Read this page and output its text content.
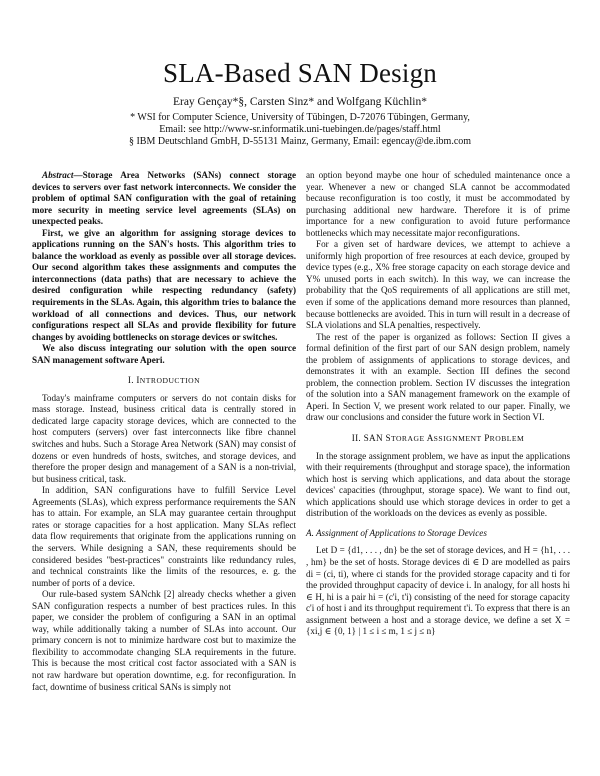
SLA-Based SAN Design
Eray Gençay*§, Carsten Sinz* and Wolfgang Küchlin*
* WSI for Computer Science, University of Tübingen, D-72076 Tübingen, Germany,
Email: see http://www-sr.informatik.uni-tuebingen.de/pages/staff.html
§ IBM Deutschland GmbH, D-55131 Mainz, Germany, Email: egencay@de.ibm.com

Abstract—Storage Area Networks (SANs) connect storage devices to servers over fast network interconnects. We consider the problem of optimal SAN configuration with the goal of retaining more security in meeting service level agreements (SLAs) on unexpected peaks.

First, we give an algorithm for assigning storage devices to applications running on the SAN's hosts. This algorithm tries to balance the workload as evenly as possible over all storage devices. Our second algorithm takes these assignments and computes the interconnections (data paths) that are necessary to achieve the desired configuration while respecting redundancy (safety) requirements in the SLAs. Again, this algorithm tries to balance the workload of all connections and devices. Thus, our network configurations respect all SLAs and provide flexibility for future changes by avoiding bottlenecks on storage devices or switches.

We also discuss integrating our solution with the open source SAN management software Aperi.

I. INTRODUCTION

Today's mainframe computers or servers do not contain disks for mass storage. Instead, business critical data is centrally stored in dedicated large capacity storage devices, which are connected to the host computers (servers) over fast interconnects like fibre channel switches and hubs. Such a Storage Area Network (SAN) may consist of dozens or even hundreds of hosts, switches, and storage devices, and therefore the proper design and management of a SAN is a non-trivial, but business critical, task.

In addition, SAN configurations have to fulfill Service Level Agreements (SLAs), which express performance requirements the SAN has to attain. For example, an SLA may guarantee certain throughput rates or storage capacities for a host application. Many SLAs reflect data flow requirements that originate from the applications running on the servers. While designing a SAN, these requirements should be considered besides "best-practices" constraints like redundancy rules, and technical constraints like the limits of the resources, e. g. the number of ports of a device.

Our rule-based system SANchk [2] already checks whether a given SAN configuration respects a number of best practices rules. In this paper, we consider the problem of configuring a SAN in an optimal way, while additionally taking a number of SLAs into account. Our primary concern is not to minimize hardware cost but to maximize the flexibility to accommodate changing SLA requirements in the future. This is because the most critical cost factor associated with a SAN is not raw hardware but operation downtime, e.g. for reconfiguration. In fact, downtime of business critical SANs is simply not

an option beyond maybe one hour of scheduled maintenance once a year. Whenever a new or changed SLA cannot be accommodated because reconfiguration is too costly, it must be accommodated by purchasing additional new hardware. Therefore it is of prime importance for a new configuration to avoid future performance bottlenecks which may necessitate major reconfigurations.

For a given set of hardware devices, we attempt to achieve a uniformly high proportion of free resources at each device, grouped by device types (e.g., X% free storage capacity on each storage device and Y% unused ports in each switch). In this way, we can increase the probability that the QoS requirements of all applications are still met, even if some of the applications demand more resources than planned, because bottlenecks are avoided. This in turn will result in a decrease of SLA violations and SLA penalties, respectively.

The rest of the paper is organized as follows: Section II gives a formal definition of the first part of our SAN design problem, namely the problem of assignments of applications to storage devices, and demonstrates it with an example. Section III defines the second problem, the connection problem. Section IV discusses the integration of the solution into a SAN management framework on the example of Aperi. In Section V, we present work related to our paper. Finally, we draw our conclusions and consider the future work in Section VI.

II. SAN STORAGE ASSIGNMENT PROBLEM

In the storage assignment problem, we have as input the applications with their requirements (throughput and storage space), the information which host is serving which applications, and data about the storage devices' capacities (throughput, storage space). We want to find out, which applications should use which storage devices in order to get a distribution of the workloads on the devices as evenly as possible.

A. Assignment of Applications to Storage Devices

Let D = {d1, . . . , dn} be the set of storage devices, and H = {h1, . . . , hm} be the set of hosts. Storage devices di ∈ D are modelled as pairs di = (ci, ti), where ci stands for the provided storage capacity and ti for the provided throughput capacity of device i. In analogy, for all hosts hi ∈ H, hi is a pair hi = (c'i, t'i) consisting of the need for storage capacity c'i of host i and its throughput requirement t'i. To express that there is an assignment between a host and a storage device, we define a set X = {xi,j ∈ {0, 1} | 1 ≤ i ≤ m, 1 ≤ j ≤ n}
